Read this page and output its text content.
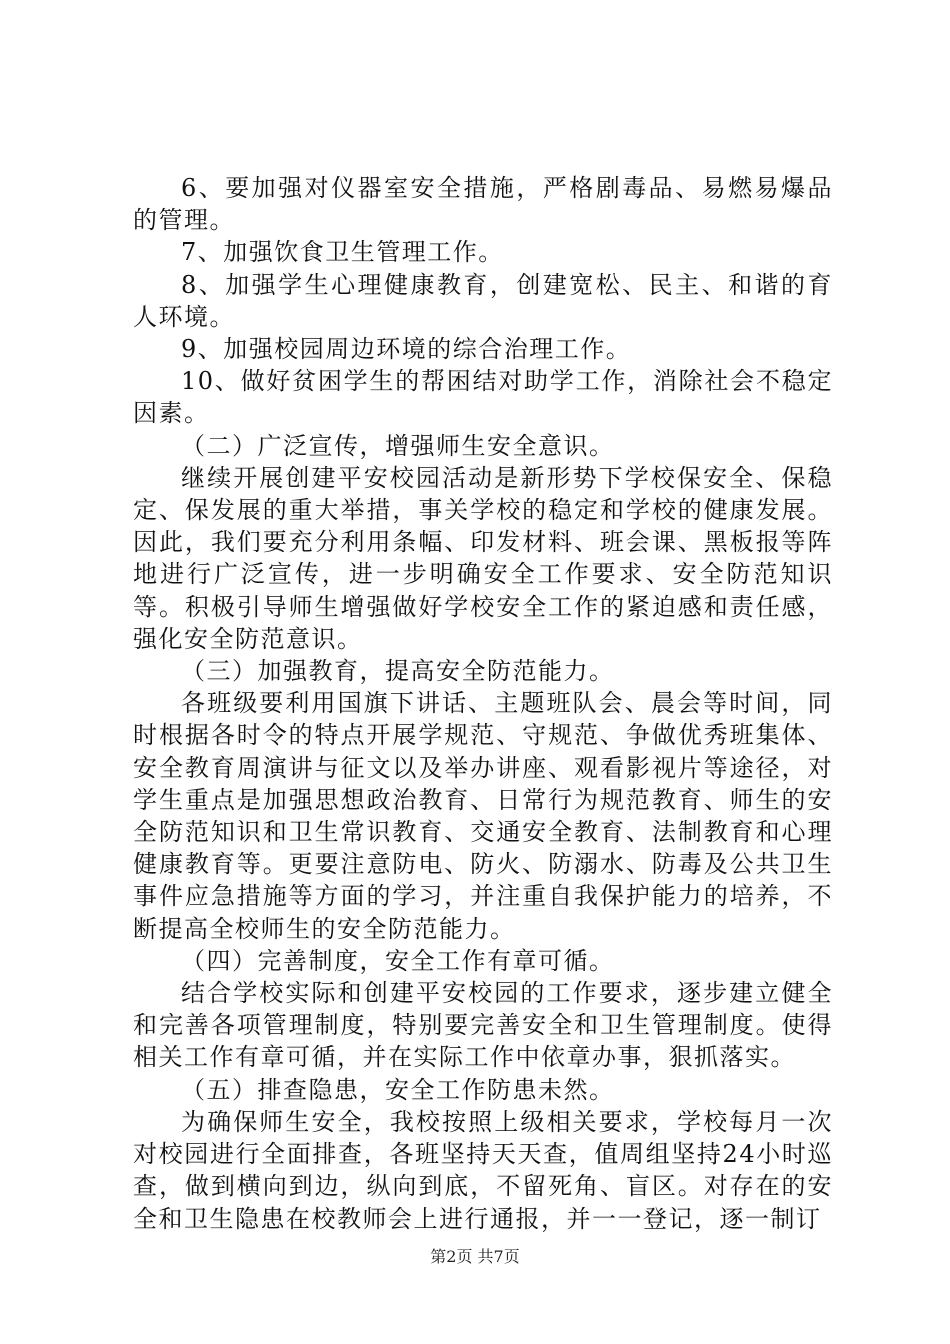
6、要加强对仪器室安全措施，严格剧毒品、易燃易爆品的管理。

7、加强饮食卫生管理工作。

8、加强学生心理健康教育，创建宽松、民主、和谐的育人环境。

9、加强校园周边环境的综合治理工作。

10、做好贫困学生的帮困结对助学工作，消除社会不稳定因素。

（二）广泛宣传，增强师生安全意识。

继续开展创建平安校园活动是新形势下学校保安全、保稳定、保发展的重大举措，事关学校的稳定和学校的健康发展。因此，我们要充分利用条幅、印发材料、班会课、黑板报等阵地进行广泛宣传，进一步明确安全工作要求、安全防范知识等。积极引导师生增强做好学校安全工作的紧迫感和责任感，强化安全防范意识。

（三）加强教育，提高安全防范能力。

各班级要利用国旗下讲话、主题班队会、晨会等时间，同时根据各时令的特点开展学规范、守规范、争做优秀班集体、安全教育周演讲与征文以及举办讲座、观看影视片等途径，对学生重点是加强思想政治教育、日常行为规范教育、师生的安全防范知识和卫生常识教育、交通安全教育、法制教育和心理健康教育等。更要注意防电、防火、防溺水、防毒及公共卫生事件应急措施等方面的学习，并注重自我保护能力的培养，不断提高全校师生的安全防范能力。

（四）完善制度，安全工作有章可循。

结合学校实际和创建平安校园的工作要求，逐步建立健全和完善各项管理制度，特别要完善安全和卫生管理制度。使得相关工作有章可循，并在实际工作中依章办事，狠抓落实。

（五）排查隐患，安全工作防患未然。

为确保师生安全，我校按照上级相关要求，学校每月一次对校园进行全面排查，各班坚持天天查，值周组坚持24小时巡查，做到横向到边，纵向到底，不留死角、盲区。对存在的安全和卫生隐患在校教师会上进行通报，并一一登记，逐一制订

第2页 共7页
